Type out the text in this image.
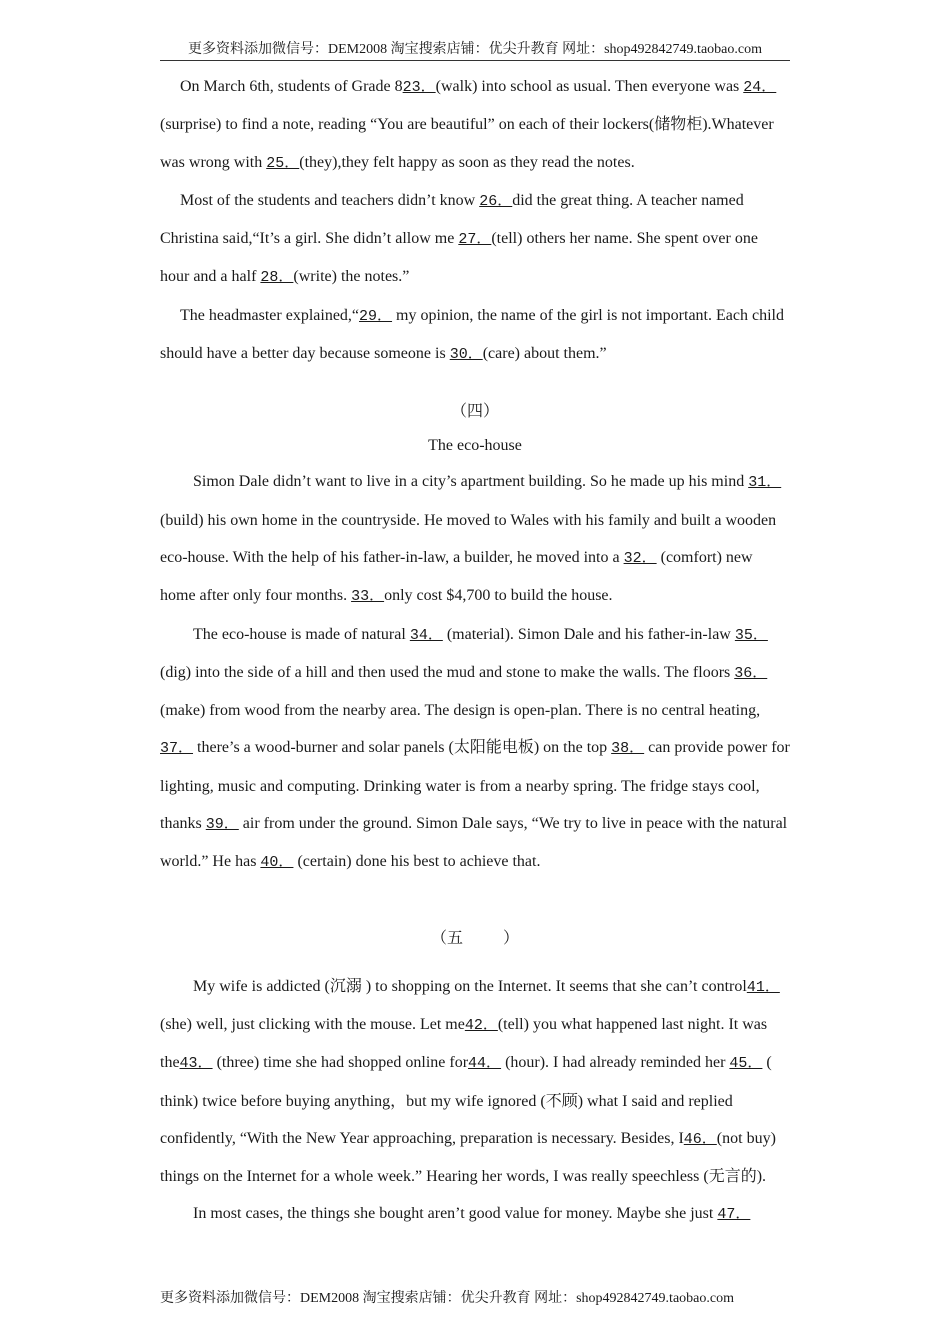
更多资料添加微信号：DEM2008 淘宝搜索店铺：优尖升教育 网址：shop492842749.taobao.com

On March 6th, students of Grade 823．(walk) into school as usual. Then everyone was 24．(surprise) to find a note, reading “You are beautiful” on each of their lockers(储物柜).Whatever was wrong with 25．(they),they felt happy as soon as they read the notes.

Most of the students and teachers didn’t know 26．did the great thing. A teacher named Christina said,“It’s a girl. She didn’t allow me 27．(tell) others her name. She spent over one hour and a half 28．(write) the notes.”

The headmaster explained,“29． my opinion, the name of the girl is not important. Each child should have a better day because someone is 30．(care) about them.”

（四）

The eco-house

Simon Dale didn’t want to live in a city’s apartment building. So he made up his mind 31．(build) his own home in the countryside. He moved to Wales with his family and built a wooden eco-house. With the help of his father-in-law, a builder, he moved into a 32． (comfort) new home after only four months. 33．only cost $4,700 to build the house.

The eco-house is made of natural 34． (material). Simon Dale and his father-in-law 35． (dig) into the side of a hill and then used the mud and stone to make the walls. The floors 36． (make) from wood from the nearby area. The design is open-plan. There is no central heating, 37． there’s a wood-burner and solar panels (太阳能电板) on the top 38． can provide power for lighting, music and computing. Drinking water is from a nearby spring. The fridge stays cool, thanks 39． air from under the ground. Simon Dale says, “We try to live in peace with the natural world.” He has 40． (certain) done his best to achieve that.

（五	）

My wife is addicted (沉溺 ) to shopping on the Internet. It seems that she can’t control41． (she) well, just clicking with the mouse. Let me42．(tell) you what happened last night. It was the43． (three) time she had shopped online for44． (hour). I had already reminded her 45． ( think) twice before buying anything，but my wife ignored (不顾) what I said and replied confidently, “With the New Year approaching, preparation is necessary. Besides, I46．(not buy) things on the Internet for a whole week.” Hearing her words, I was really speechless (无言的).

In most cases, the things she bought aren’t good value for money. Maybe she just 47．

更多资料添加微信号：DEM2008 淘宝搜索店铺：优尖升教育 网址：shop492842749.taobao.com
